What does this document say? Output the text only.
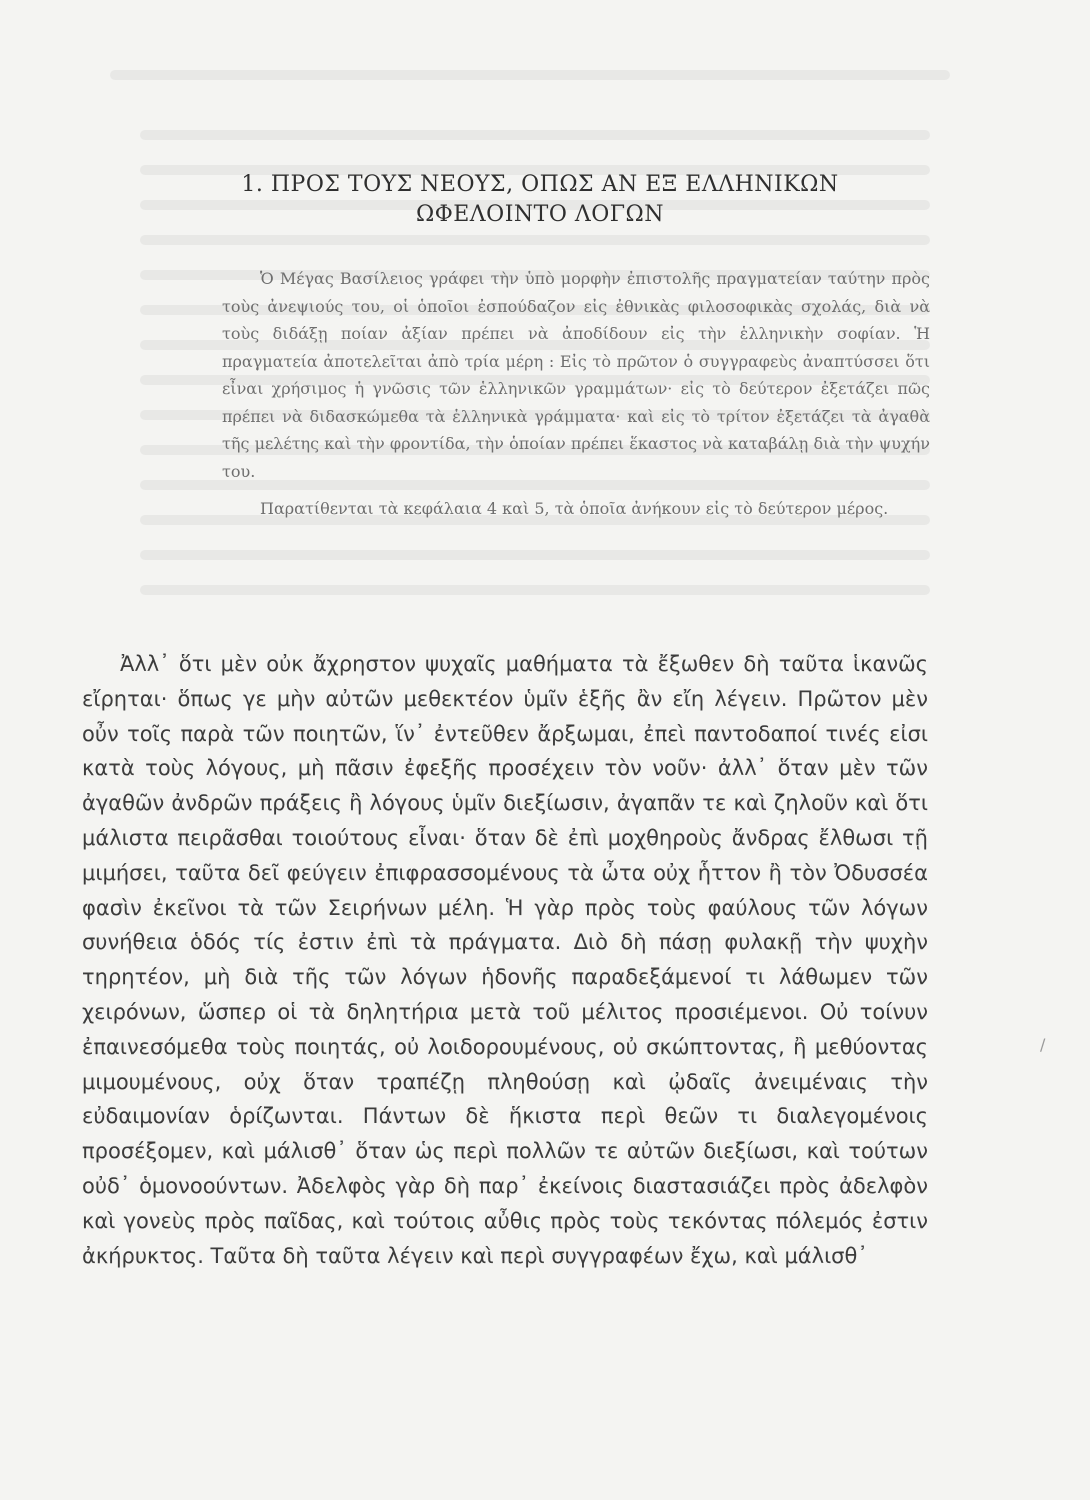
1. ΠΡΟΣ ΤΟΥΣ ΝΕΟΥΣ, ΟΠΩΣ ΑΝ ΕΞ ΕΛΛΗΝΙΚΩΝ
ΩΦΕΛΟΙΝΤΟ ΛΟΓΩΝ

Ὁ Μέγας Βασίλειος γράφει τὴν ὑπὸ μορφὴν ἐπιστολῆς πραγματείαν ταύτην πρὸς τοὺς ἀνεψιούς του, οἱ ὁποῖοι ἐσπούδαζον εἰς ἐθνικὰς φιλοσοφικὰς σχολάς, διὰ νὰ τοὺς διδάξῃ ποίαν ἀξίαν πρέπει νὰ ἀποδίδουν εἰς τὴν ἑλληνικὴν σοφίαν. Ἡ πραγματεία ἀποτελεῖται ἀπὸ τρία μέρη : Εἰς τὸ πρῶτον ὁ συγγραφεὺς ἀναπτύσσει ὅτι εἶναι χρήσιμος ἡ γνῶσις τῶν ἑλληνικῶν γραμμάτων· εἰς τὸ δεύτερον ἐξετάζει πῶς πρέπει νὰ διδασκώμεθα τὰ ἑλληνικὰ γράμματα· καὶ εἰς τὸ τρίτον ἐξετάζει τὰ ἀγαθὰ τῆς μελέτης καὶ τὴν φροντίδα, τὴν ὁποίαν πρέπει ἕκαστος νὰ καταβάλῃ διὰ τὴν ψυχήν του.

Παρατίθενται τὰ κεφάλαια 4 καὶ 5, τὰ ὁποῖα ἀνήκουν εἰς τὸ δεύτερον μέρος.

Ἀλλ᾽ ὅτι μὲν οὐκ ἄχρηστον ψυχαῖς μαθήματα τὰ ἔξωθεν δὴ ταῦτα ἱκανῶς εἴρηται· ὅπως γε μὴν αὐτῶν μεθεκτέον ὑμῖν ἑξῆς ἂν εἴη λέγειν. Πρῶτον μὲν οὖν τοῖς παρὰ τῶν ποιητῶν, ἵν᾽ ἐντεῦθεν ἄρξωμαι, ἐπεὶ παντοδαποί τινές εἰσι κατὰ τοὺς λόγους, μὴ πᾶσιν ἐφεξῆς προσέχειν τὸν νοῦν· ἀλλ᾽ ὅταν μὲν τῶν ἀγαθῶν ἀνδρῶν πράξεις ἢ λόγους ὑμῖν διεξίωσιν, ἀγαπᾶν τε καὶ ζηλοῦν καὶ ὅτι μάλιστα πειρᾶσθαι τοιούτους εἶναι· ὅταν δὲ ἐπὶ μοχθηροὺς ἄνδρας ἔλθωσι τῇ μιμήσει, ταῦτα δεῖ φεύγειν ἐπιφρασσομένους τὰ ὦτα οὐχ ἧττον ἢ τὸν Ὀδυσσέα φασὶν ἐκεῖνοι τὰ τῶν Σειρήνων μέλη. Ἡ γὰρ πρὸς τοὺς φαύλους τῶν λόγων συνήθεια ὁδός τίς ἐστιν ἐπὶ τὰ πράγματα. Διὸ δὴ πάσῃ φυλακῇ τὴν ψυχὴν τηρητέον, μὴ διὰ τῆς τῶν λόγων ἡδονῆς παραδεξάμενοί τι λάθωμεν τῶν χειρόνων, ὥσπερ οἱ τὰ δηλητήρια μετὰ τοῦ μέλιτος προσιέμενοι. Οὐ τοίνυν ἐπαινεσόμεθα τοὺς ποιητάς, οὐ λοιδορουμένους, οὐ σκώπτοντας, ἢ μεθύοντας μιμουμένους, οὐχ ὅταν τραπέζῃ πληθούσῃ καὶ ᾠδαῖς ἀνειμέναις τὴν εὐδαιμονίαν ὁρίζωνται. Πάντων δὲ ἥκιστα περὶ θεῶν τι διαλεγομένοις προσέξομεν, καὶ μάλισθ᾽ ὅταν ὡς περὶ πολλῶν τε αὐτῶν διεξίωσι, καὶ τούτων οὐδ᾽ ὁμονοούντων. Ἀδελφὸς γὰρ δὴ παρ᾽ ἐκείνοις διαστασιάζει πρὸς ἀδελφὸν καὶ γονεὺς πρὸς παῖδας, καὶ τούτοις αὖθις πρὸς τοὺς τεκόντας πόλεμός ἐστιν ἀκήρυκτος. Ταῦτα δὴ ταῦτα λέγειν καὶ περὶ συγγραφέων ἔχω, καὶ μάλισθ᾽

/
